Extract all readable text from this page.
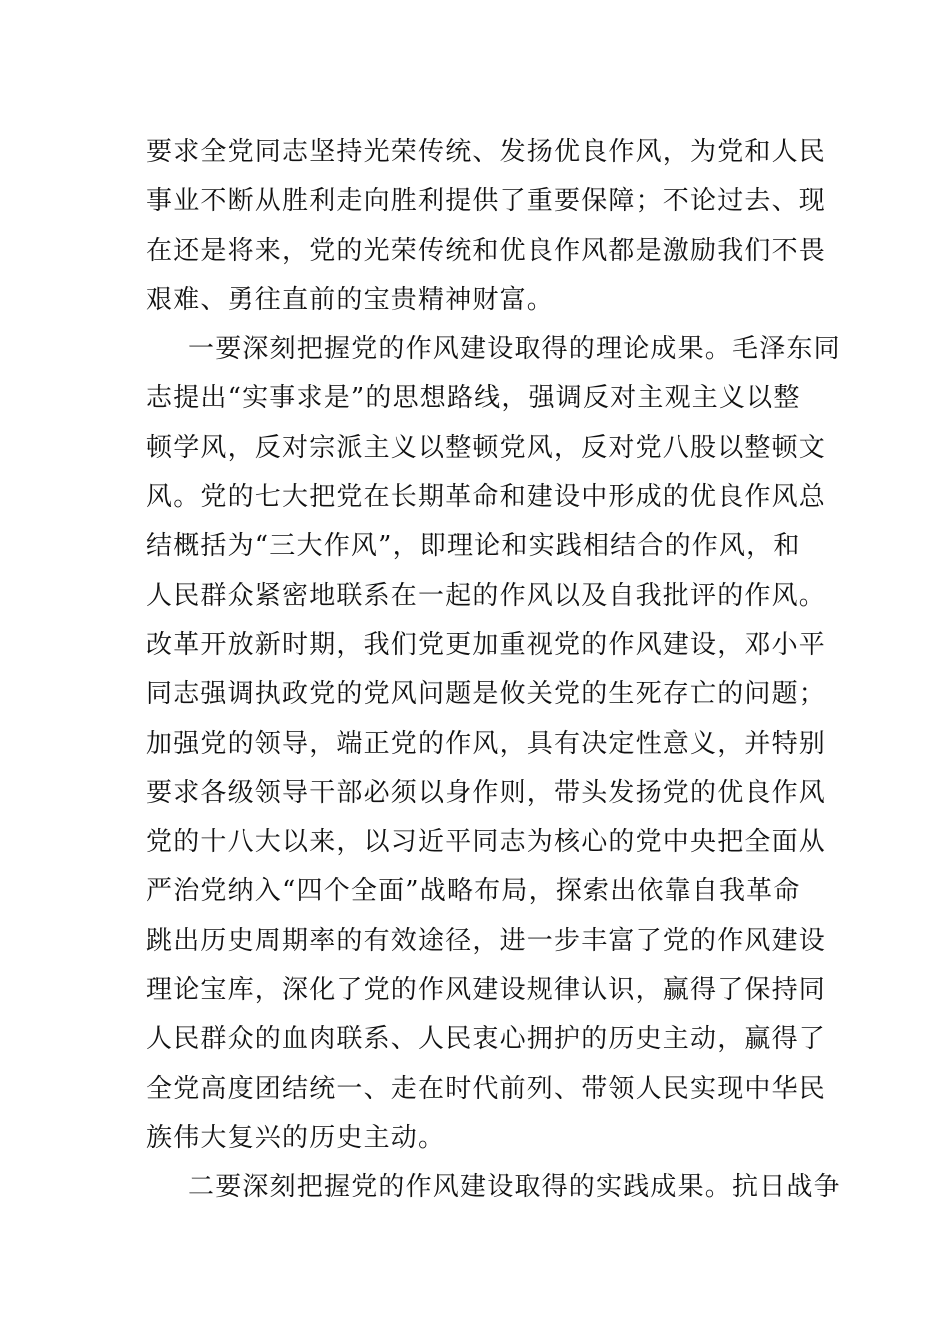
要求全党同志坚持光荣传统、发扬优良作风，为党和人民
事业不断从胜利走向胜利提供了重要保障；不论过去、现
在还是将来，党的光荣传统和优良作风都是激励我们不畏
艰难、勇往直前的宝贵精神财富。
一要深刻把握党的作风建设取得的理论成果。毛泽东同
志提出“实事求是”的思想路线，强调反对主观主义以整
顿学风，反对宗派主义以整顿党风，反对党八股以整顿文
风。党的七大把党在长期革命和建设中形成的优良作风总
结概括为“三大作风”，即理论和实践相结合的作风，和
人民群众紧密地联系在一起的作风以及自我批评的作风。
改革开放新时期，我们党更加重视党的作风建设，邓小平
同志强调执政党的党风问题是攸关党的生死存亡的问题；
加强党的领导，端正党的作风，具有决定性意义，并特别
要求各级领导干部必须以身作则，带头发扬党的优良作风
党的十八大以来，以习近平同志为核心的党中央把全面从
严治党纳入“四个全面”战略布局，探索出依靠自我革命
跳出历史周期率的有效途径，进一步丰富了党的作风建设
理论宝库，深化了党的作风建设规律认识，赢得了保持同
人民群众的血肉联系、人民衷心拥护的历史主动，赢得了
全党高度团结统一、走在时代前列、带领人民实现中华民
族伟大复兴的历史主动。
二要深刻把握党的作风建设取得的实践成果。抗日战争
